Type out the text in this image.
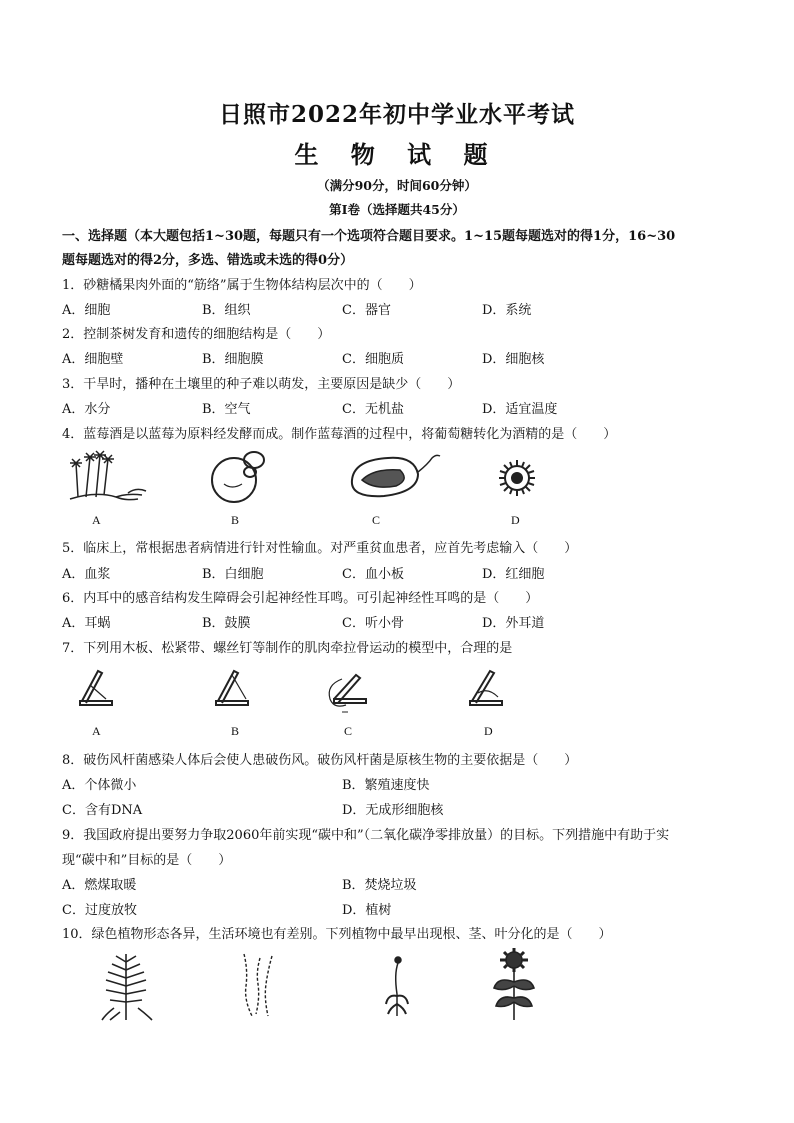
日照市2022年初中学业水平考试
生 物 试 题
（满分90分，时间60分钟）
第Ⅰ卷（选择题共45分）
一、选择题（本大题包括1~30题，每题只有一个选项符合题目要求。1~15题每题选对的得1分，16~30
题每题选对的得2分，多选、错选或未选的得0分）
1．砂糖橘果肉外面的“筋络”属于生物体结构层次中的（　　）
A．细胞	B．组织	C．器官	D．系统
2．控制茶树发育和遗传的细胞结构是（　　）
A．细胞壁	B．细胞膜	C．细胞质	D．细胞核
3．干旱时，播种在土壤里的种子难以萌发，主要原因是缺少（　　）
A．水分	B．空气	C．无机盐	D．适宜温度
4．蓝莓酒是以蓝莓为原料经发酵而成。制作蓝莓酒的过程中，将葡萄糖转化为酒精的是（　　）
A	B	C	D
5．临床上，常根据患者病情进行针对性输血。对严重贫血患者，应首先考虑输入（　　）
A．血浆	B．白细胞	C．血小板	D．红细胞
6．内耳中的感音结构发生障碍会引起神经性耳鸣。可引起神经性耳鸣的是（　　）
A．耳蜗	B．鼓膜	C．听小骨	D．外耳道
7．下列用木板、松紧带、螺丝钉等制作的肌肉牵拉骨运动的模型中，合理的是
A	B	C	D
8．破伤风杆菌感染人体后会使人患破伤风。破伤风杆菌是原核生物的主要依据是（　　）
A．个体微小	B．繁殖速度快
C．含有DNA	D．无成形细胞核
9．我国政府提出要努力争取2060年前实现“碳中和”（二氧化碳净零排放量）的目标。下列措施中有助于实
现“碳中和”目标的是（　　）
A．燃煤取暖	B．焚烧垃圾
C．过度放牧	D．植树
10．绿色植物形态各异，生活环境也有差别。下列植物中最早出现根、茎、叶分化的是（　　）
